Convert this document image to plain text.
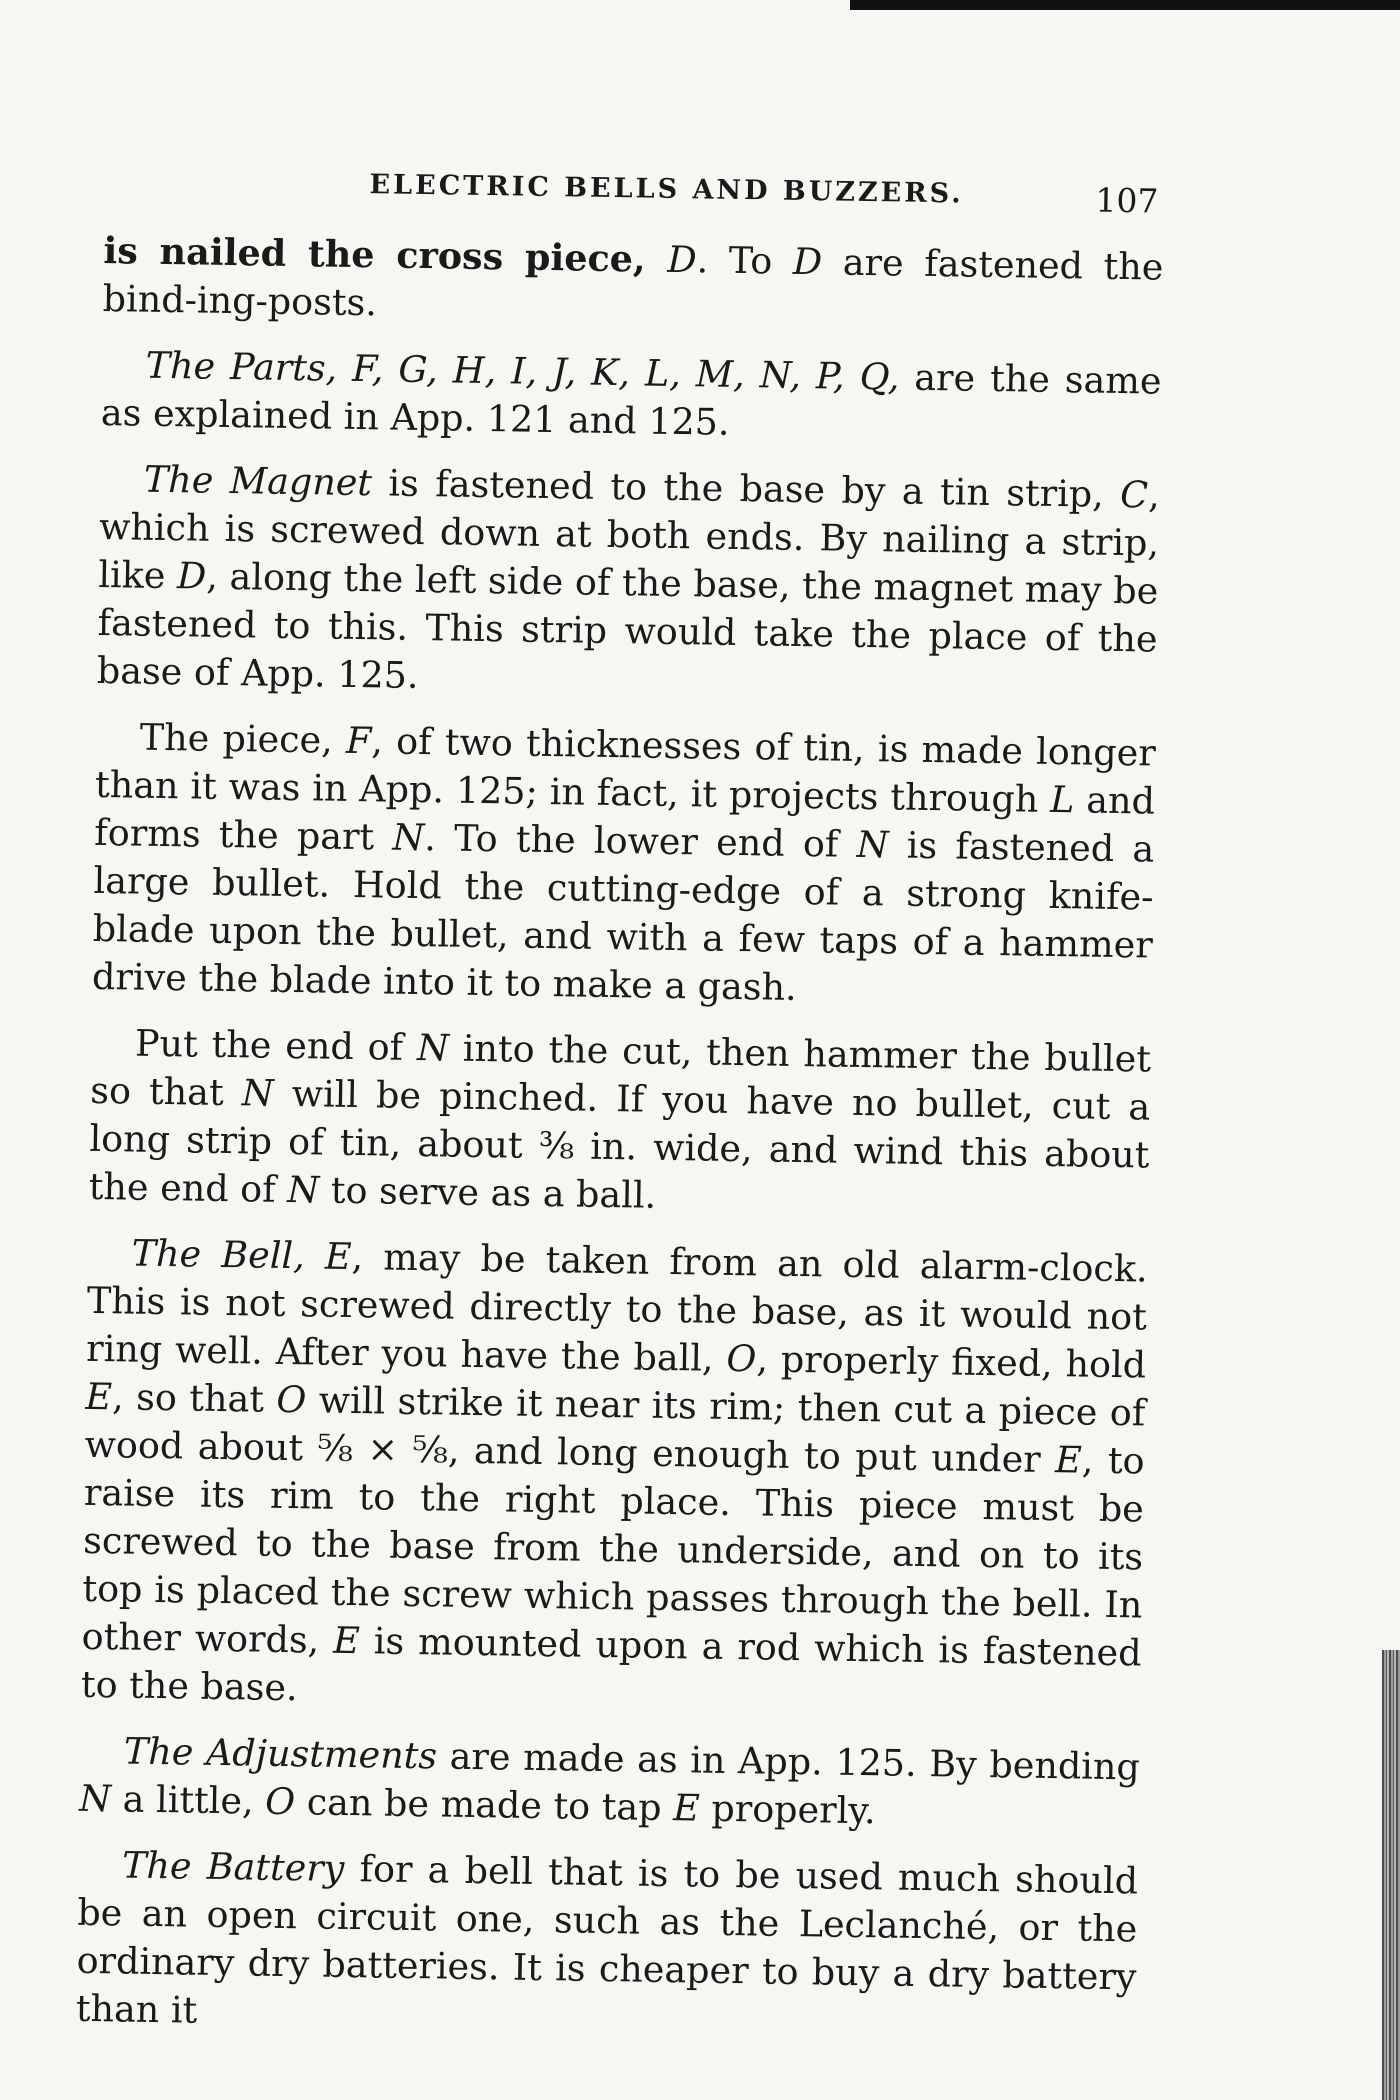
ELECTRIC BELLS AND BUZZERS.	107

is nailed the cross piece, D. To D are fastened the bind-ing-posts.

The Parts, F, G, H, I, J, K, L, M, N, P, Q, are the same as explained in App. 121 and 125.

The Magnet is fastened to the base by a tin strip, C, which is screwed down at both ends. By nailing a strip, like D, along the left side of the base, the magnet may be fastened to this. This strip would take the place of the base of App. 125.

The piece, F, of two thicknesses of tin, is made longer than it was in App. 125; in fact, it projects through L and forms the part N. To the lower end of N is fastened a large bullet. Hold the cutting-edge of a strong knife-blade upon the bullet, and with a few taps of a hammer drive the blade into it to make a gash.

Put the end of N into the cut, then hammer the bullet so that N will be pinched. If you have no bullet, cut a long strip of tin, about ⅜ in. wide, and wind this about the end of N to serve as a ball.

The Bell, E, may be taken from an old alarm-clock. This is not screwed directly to the base, as it would not ring well. After you have the ball, O, properly fixed, hold E, so that O will strike it near its rim; then cut a piece of wood about ⅝ × ⅝, and long enough to put under E, to raise its rim to the right place. This piece must be screwed to the base from the underside, and on to its top is placed the screw which passes through the bell. In other words, E is mounted upon a rod which is fastened to the base.

The Adjustments are made as in App. 125. By bending N a little, O can be made to tap E properly.

The Battery for a bell that is to be used much should be an open circuit one, such as the Leclanché, or the ordinary dry batteries. It is cheaper to buy a dry battery than it
